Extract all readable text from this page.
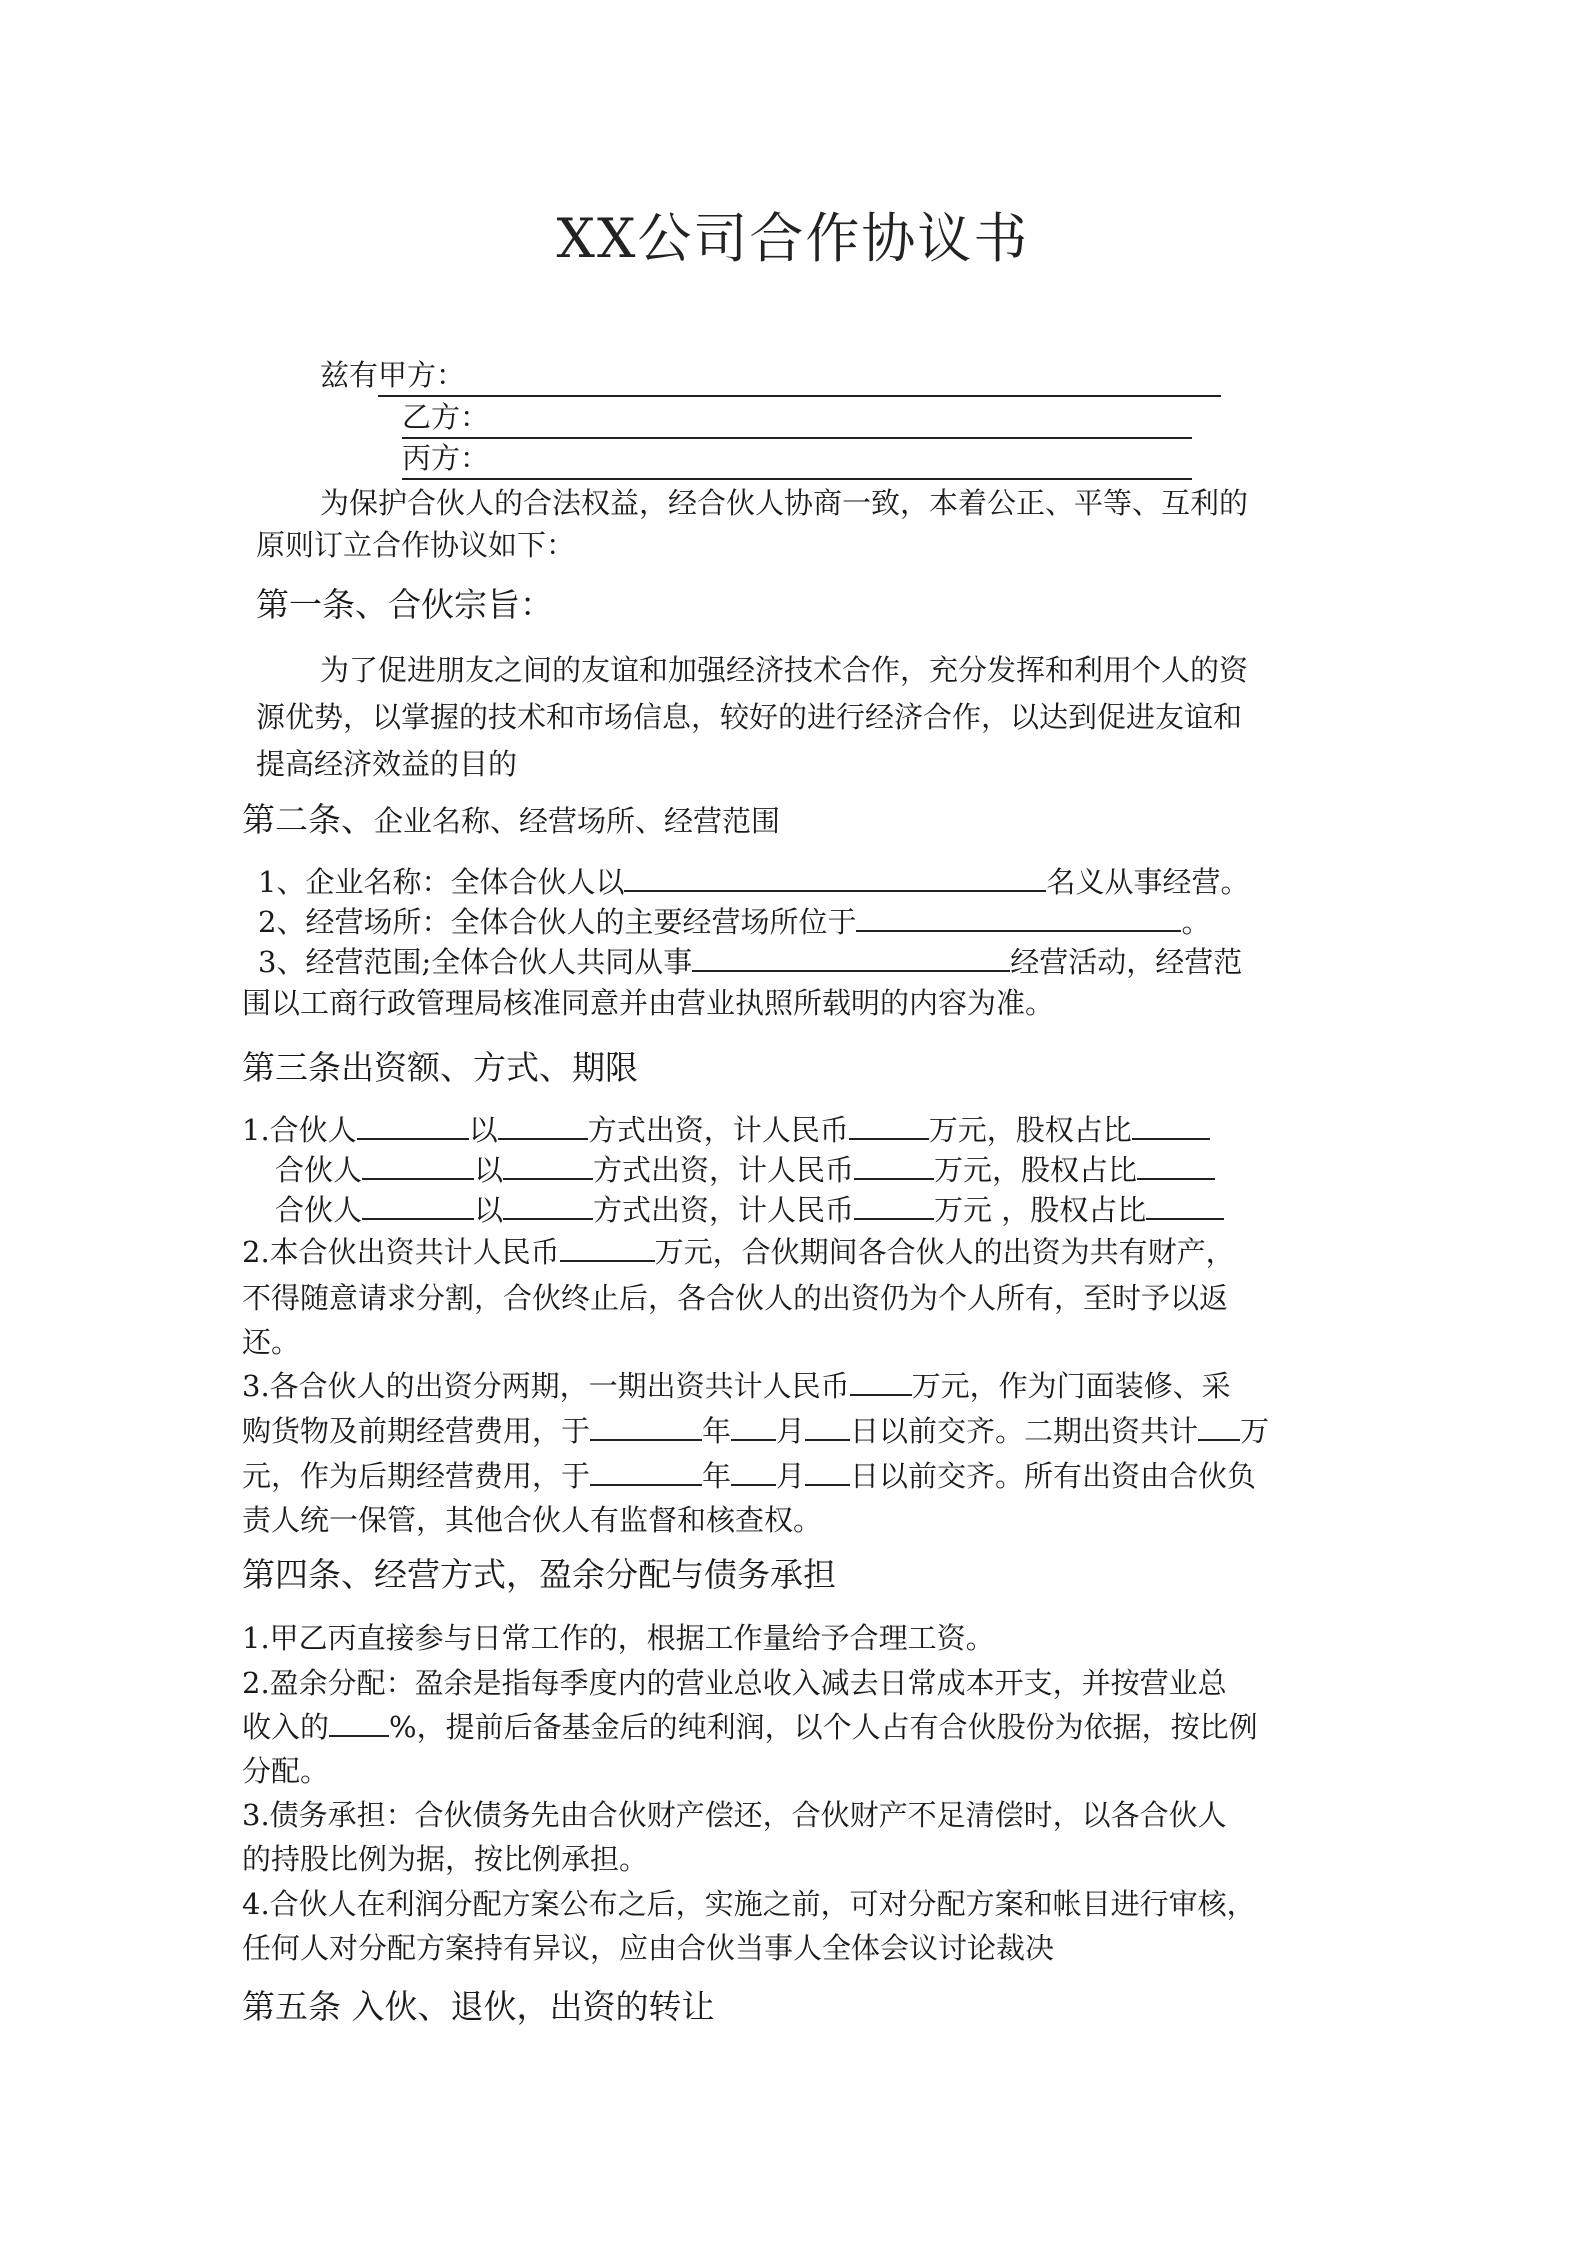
XX公司合作协议书
兹有甲方：
乙方：
丙方：
为保护合伙人的合法权益，经合伙人协商一致，本着公正、平等、互利的
原则订立合作协议如下：
第一条、合伙宗旨：
为了促进朋友之间的友谊和加强经济技术合作，充分发挥和利用个人的资
源优势，以掌握的技术和市场信息，较好的进行经济合作，以达到促进友谊和
提高经济效益的目的
第二条、企业名称、经营场所、经营范围
1、企业名称：全体合伙人以	名义从事经营。
2、经营场所：全体合伙人的主要经营场所位于	。
3、经营范围;全体合伙人共同从事	经营活动，经营范
围以工商行政管理局核准同意并由营业执照所载明的内容为准。
第三条出资额、方式、期限
1.合伙人	以	方式出资，计人民币	万元，股权占比
合伙人	以	方式出资，计人民币	万元，股权占比
合伙人	以	方式出资，计人民币	万元 ，股权占比
2.本合伙出资共计人民币	万元，合伙期间各合伙人的出资为共有财产，
不得随意请求分割，合伙终止后，各合伙人的出资仍为个人所有，至时予以返
还。
3.各合伙人的出资分两期，一期出资共计人民币 万元，作为门面装修、采
购货物及前期经营费用，于	年 月 日以前交齐。二期出资共计 万
元，作为后期经营费用，于	年 月 日以前交齐。所有出资由合伙负
责人统一保管，其他合伙人有监督和核查权。
第四条、经营方式，盈余分配与债务承担
1.甲乙丙直接参与日常工作的，根据工作量给予合理工资。
2.盈余分配：盈余是指每季度内的营业总收入减去日常成本开支，并按营业总
收入的 %，提前后备基金后的纯利润，以个人占有合伙股份为依据，按比例
分配。
3.债务承担：合伙债务先由合伙财产偿还，合伙财产不足清偿时，以各合伙人
的持股比例为据，按比例承担。
4.合伙人在利润分配方案公布之后，实施之前，可对分配方案和帐目进行审核，
任何人对分配方案持有异议，应由合伙当事人全体会议讨论裁决
第五条 入伙、退伙，出资的转让
